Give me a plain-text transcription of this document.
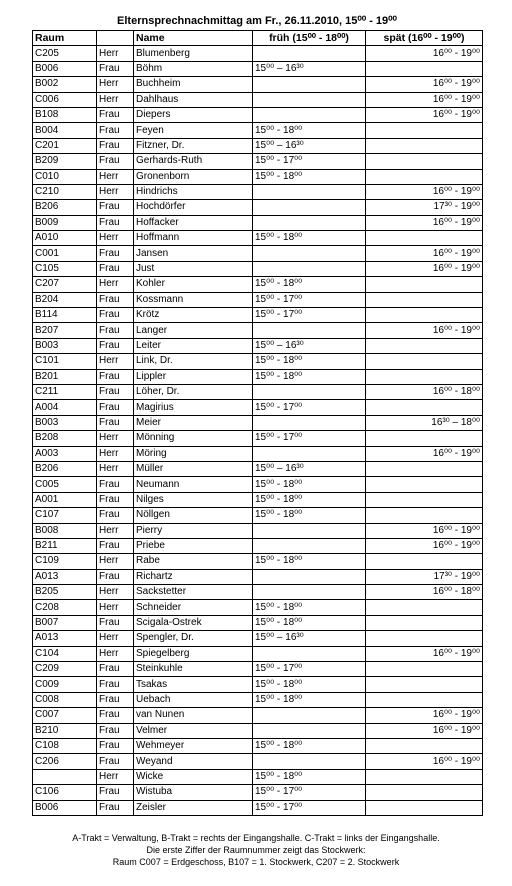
Elternsprechnachmittag am Fr., 26.11.2010, 15⁰⁰ - 19⁰⁰
Raum		Name	früh (15⁰⁰ - 18⁰⁰)	spät (16⁰⁰ - 19⁰⁰)
C205	Herr	Blumenberg		16⁰⁰ - 19⁰⁰
B006	Frau	Böhm	15⁰⁰ – 16³⁰	
B002	Herr	Buchheim		16⁰⁰ - 19⁰⁰
C006	Herr	Dahlhaus		16⁰⁰ - 19⁰⁰
B108	Frau	Diepers		16⁰⁰ - 19⁰⁰
B004	Frau	Feyen	15⁰⁰ - 18⁰⁰	
C201	Frau	Fitzner, Dr.	15⁰⁰ – 16³⁰	
B209	Frau	Gerhards-Ruth	15⁰⁰ - 17⁰⁰	
C010	Herr	Gronenborn	15⁰⁰ - 18⁰⁰	
C210	Herr	Hindrichs		16⁰⁰ - 19⁰⁰
B206	Frau	Hochdörfer		17³⁰ - 19⁰⁰
B009	Frau	Hoffacker		16⁰⁰ - 19⁰⁰
A010	Herr	Hoffmann	15⁰⁰ - 18⁰⁰	
C001	Frau	Jansen		16⁰⁰ - 19⁰⁰
C105	Frau	Just		16⁰⁰ - 19⁰⁰
C207	Herr	Kohler	15⁰⁰ - 18⁰⁰	
B204	Frau	Kossmann	15⁰⁰ - 17⁰⁰	
B114	Frau	Krötz	15⁰⁰ - 17⁰⁰	
B207	Frau	Langer		16⁰⁰ - 19⁰⁰
B003	Frau	Leiter	15⁰⁰ – 16³⁰	
C101	Herr	Link, Dr.	15⁰⁰ - 18⁰⁰	
B201	Frau	Lippler	15⁰⁰ - 18⁰⁰	
C211	Frau	Löher, Dr.		16⁰⁰ - 18⁰⁰
A004	Frau	Magirius	15⁰⁰ - 17⁰⁰	
B003	Frau	Meier		16³⁰ – 18⁰⁰
B208	Herr	Mönning	15⁰⁰ - 17⁰⁰	
A003	Herr	Möring		16⁰⁰ - 19⁰⁰
B206	Herr	Müller	15⁰⁰ – 16³⁰	
C005	Frau	Neumann	15⁰⁰ - 18⁰⁰	
A001	Frau	Nilges	15⁰⁰ - 18⁰⁰	
C107	Frau	Nöllgen	15⁰⁰ - 18⁰⁰	
B008	Herr	Pierry		16⁰⁰ - 19⁰⁰
B211	Frau	Priebe		16⁰⁰ - 19⁰⁰
C109	Herr	Rabe	15⁰⁰ - 18⁰⁰	
A013	Frau	Richartz		17³⁰ - 19⁰⁰
B205	Herr	Sackstetter		16⁰⁰ - 18⁰⁰
C208	Herr	Schneider	15⁰⁰ - 18⁰⁰	
B007	Frau	Scigala-Ostrek	15⁰⁰ - 18⁰⁰	
A013	Herr	Spengler, Dr.	15⁰⁰ – 16³⁰	
C104	Herr	Spiegelberg		16⁰⁰ - 19⁰⁰
C209	Frau	Steinkuhle	15⁰⁰ - 17⁰⁰	
C009	Frau	Tsakas	15⁰⁰ - 18⁰⁰	
C008	Frau	Uebach	15⁰⁰ - 18⁰⁰	
C007	Frau	van Nunen		16⁰⁰ - 19⁰⁰
B210	Frau	Velmer		16⁰⁰ - 19⁰⁰
C108	Frau	Wehmeyer	15⁰⁰ - 18⁰⁰	
C206	Frau	Weyand		16⁰⁰ - 19⁰⁰
	Herr	Wicke	15⁰⁰ - 18⁰⁰	
C106	Frau	Wistuba	15⁰⁰ - 17⁰⁰	
B006	Frau	Zeisler	15⁰⁰ - 17⁰⁰	
A-Trakt = Verwaltung, B-Trakt = rechts der Eingangshalle. C-Trakt = links der Eingangshalle.
Die erste Ziffer der Raumnummer zeigt das Stockwerk:
Raum C007 = Erdgeschoss, B107 = 1. Stockwerk, C207 = 2. Stockwerk
